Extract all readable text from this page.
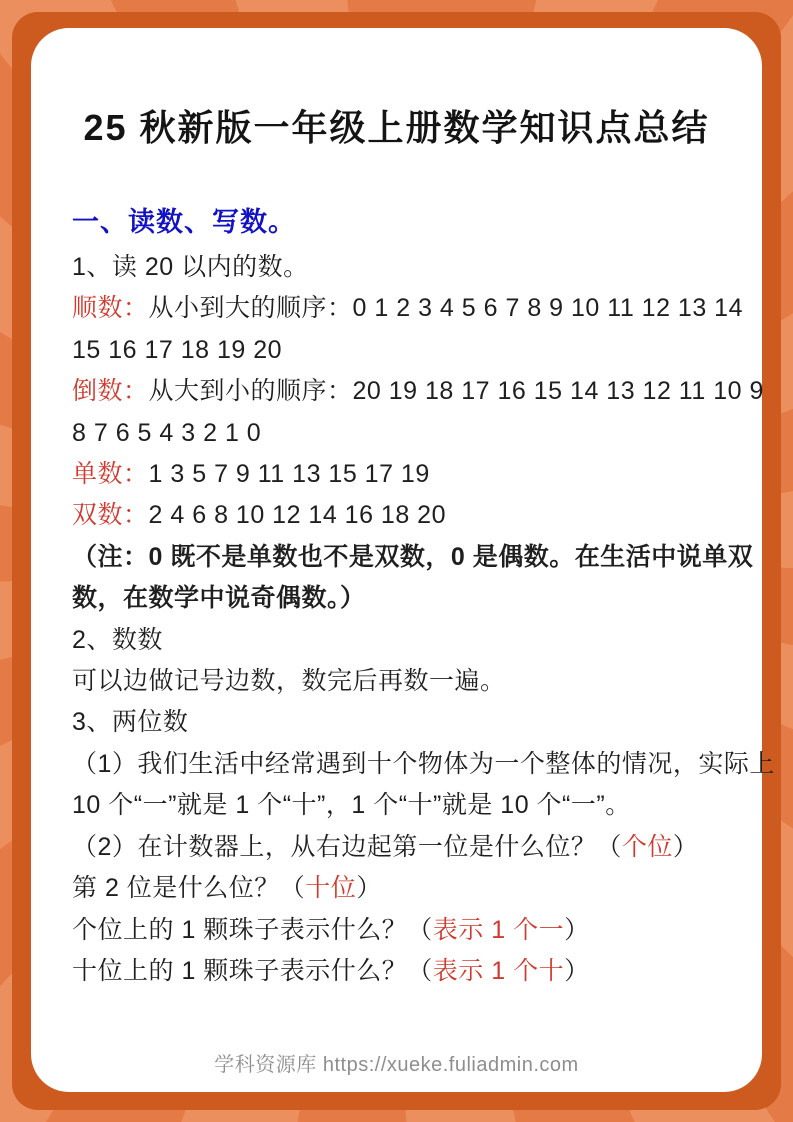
25 秋新版一年级上册数学知识点总结
一、读数、写数。

1、读 20 以内的数。

顺数：从小到大的顺序：0 1 2 3 4 5 6 7 8 9 10 11 12 13 14

15 16 17 18 19 20

倒数：从大到小的顺序：20 19 18 17 16 15 14 13 12 11 10 9

8 7 6 5 4 3 2 1 0

单数：1 3 5 7 9 11 13 15 17 19

双数：2 4 6 8 10 12 14 16 18 20

（注：0 既不是单数也不是双数，0 是偶数。在生活中说单双

数，在数学中说奇偶数。）

2、数数

可以边做记号边数，数完后再数一遍。

3、两位数

（1）我们生活中经常遇到十个物体为一个整体的情况，实际上

10 个“一”就是 1 个“十”，1 个“十”就是 10 个“一”。

（2）在计数器上，从右边起第一位是什么位？（个位）

第 2 位是什么位？（十位）

个位上的 1 颗珠子表示什么？（表示 1 个一）

十位上的 1 颗珠子表示什么？（表示 1 个十）

学科资源库 https://xueke.fuliadmin.com
